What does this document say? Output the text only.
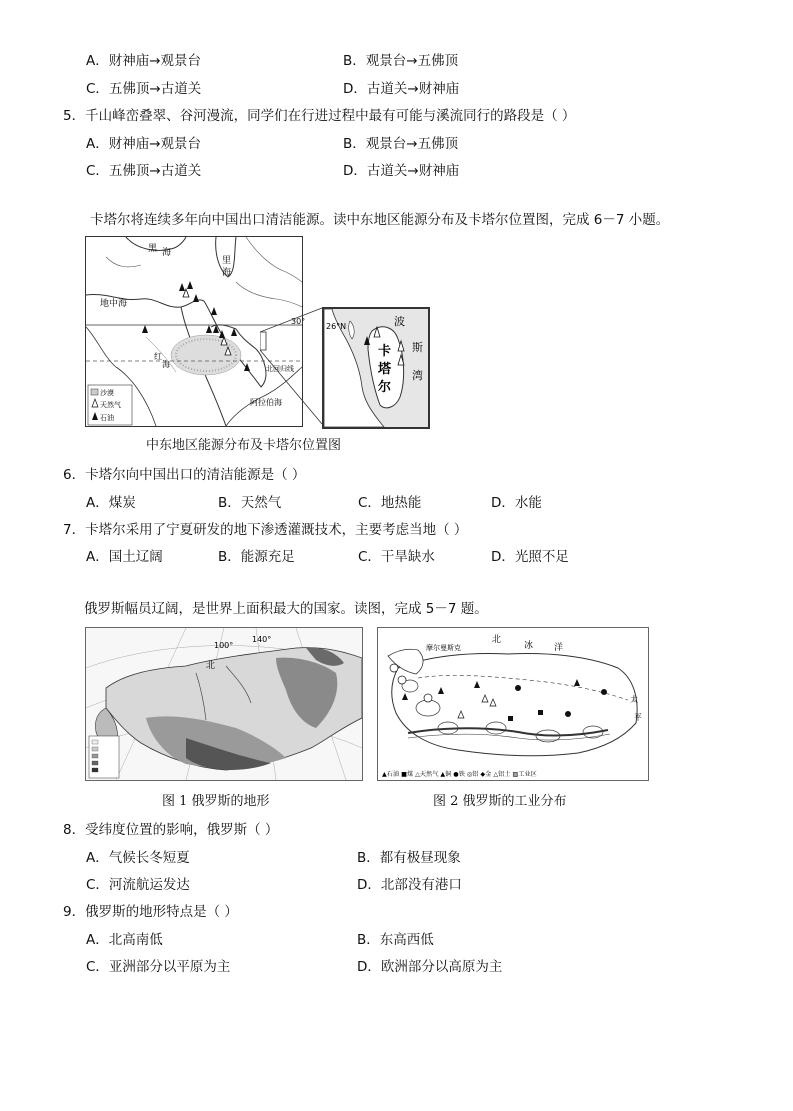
A．财神庙→观景台	B．观景台→五佛顶
C．五佛顶→古道关	D．古道关→财神庙
5．千山峰峦叠翠、谷河漫流，同学们在行进过程中最有可能与溪流同行的路段是（ ）
A．财神庙→观景台	B．观景台→五佛顶
C．五佛顶→古道关	D．古道关→财神庙
卡塔尔将连续多年向中国出口清洁能源。读中东地区能源分布及卡塔尔位置图，完成 6－7 小题。
黑 海
里
海
地中海
红
海
阿拉伯海
北回归线
沙漠
天然气
石油
30°
26°N	波
斯
湾
卡
塔
尔
中东地区能源分布及卡塔尔位置图
6．卡塔尔向中国出口的清洁能源是（ ）
A．煤炭	B．天然气	C．地热能	D．水能
7．卡塔尔采用了宁夏研发的地下渗透灌溉技术，主要考虑当地（ ）
A．国土辽阔	B．能源充足	C．干旱缺水	D．光照不足
俄罗斯幅员辽阔，是世界上面积最大的国家。读图，完成 5－7 题。
100°
140°
北
图 1 俄罗斯的地形
北
冰 洋
摩尔曼斯克
太
平
▲石油 ■煤 △天然气 ▲铜 ●铁 ◎铝 ◆金 △铝土 ▨工业区
图 2 俄罗斯的工业分布
8．受纬度位置的影响，俄罗斯（ ）
A．气候长冬短夏	B．都有极昼现象
C．河流航运发达	D．北部没有港口
9．俄罗斯的地形特点是（ ）
A．北高南低	B．东高西低
C．亚洲部分以平原为主	D．欧洲部分以高原为主
